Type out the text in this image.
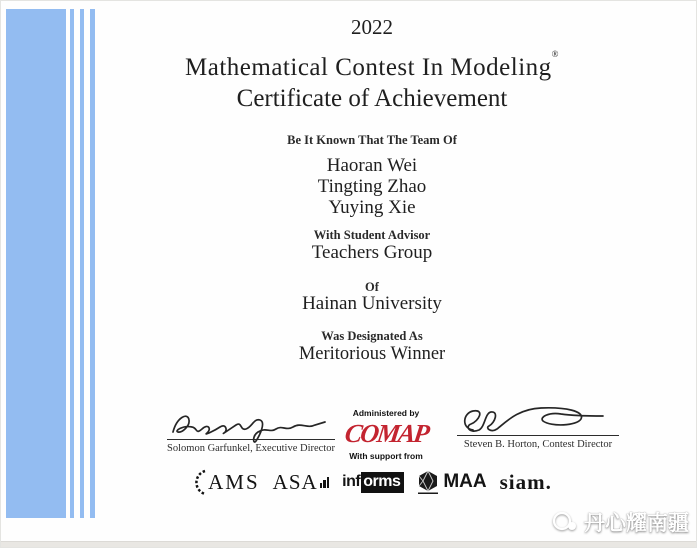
2022
Mathematical Contest In Modeling®
Certificate of Achievement
Be It Known That The Team Of
Haoran Wei
Tingting Zhao
Yuying Xie
With Student Advisor
Teachers Group
Of
Hainan University
Was Designated As
Meritorious Winner
Solomon Garfunkel, Executive Director
Administered by
COMAP
With support from
Steven B. Horton, Contest Director
AMS ASA inf orms MAA siam.
丹心耀南疆
